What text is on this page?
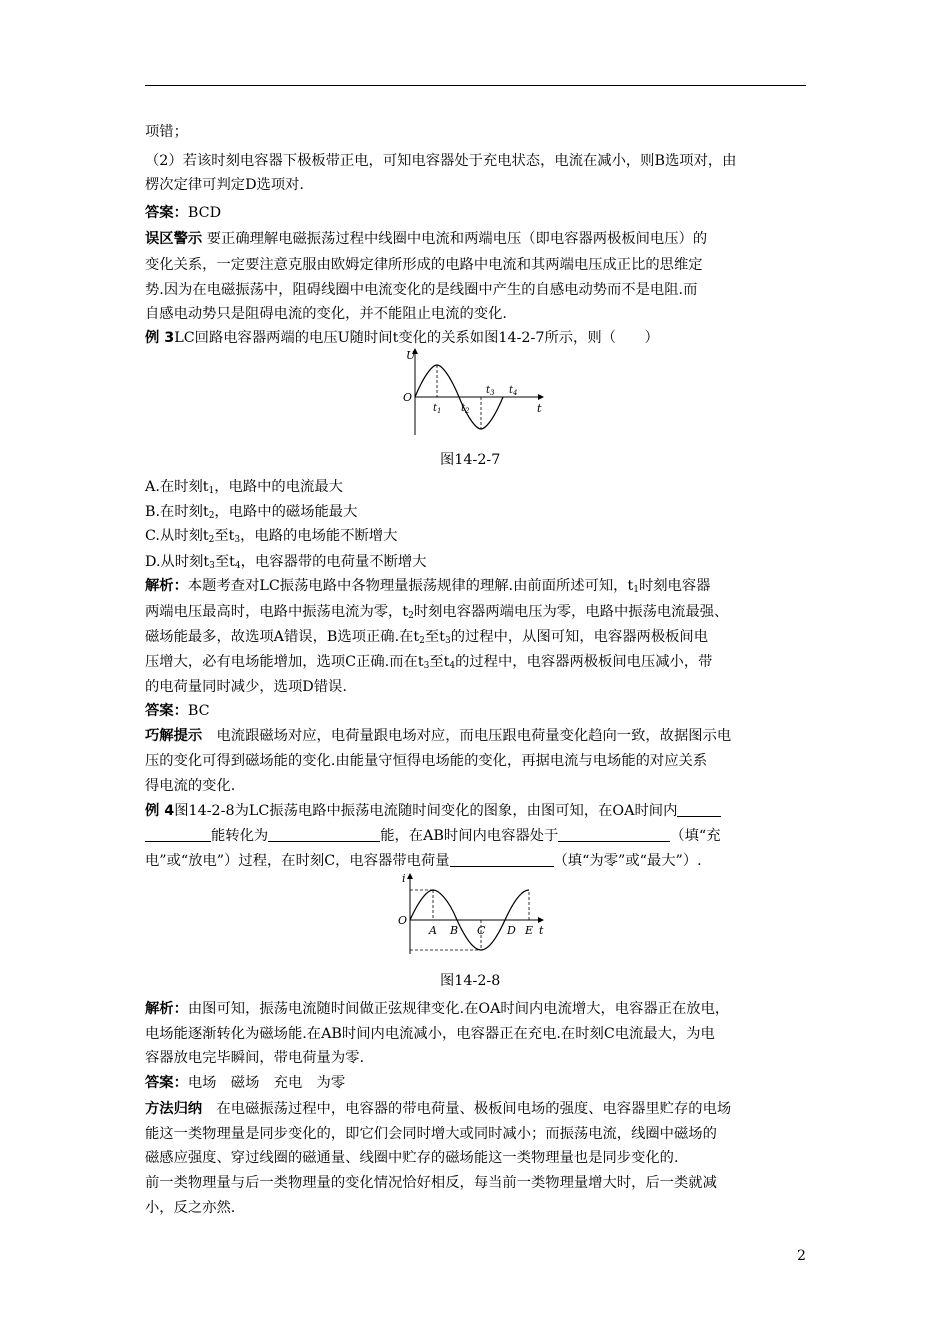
项错；
（2）若该时刻电容器下极板带正电，可知电容器处于充电状态，电流在减小，则B选项对，由
楞次定律可判定D选项对.
答案：BCD
误区警示 要正确理解电磁振荡过程中线圈中电流和两端电压（即电容器两极板间电压）的
变化关系，一定要注意克服由欧姆定律所形成的电路中电流和其两端电压成正比的思维定
势.因为在电磁振荡中，阻碍线圈中电流变化的是线圈中产生的自感电动势而不是电阻.而
自感电动势只是阻碍电流的变化，并不能阻止电流的变化.
例 3LC回路电容器两端的电压U随时间t变化的关系如图14-2-7所示，则（　　）
U
O
t
$t_1$ $t_2$
$t_3$ $t_4$
图14-2-7
A.在时刻$t_1$，电路中的电流最大
B.在时刻$t_2$，电路中的磁场能最大
C.从时刻$t_2$至$t_3$，电路的电场能不断增大
D.从时刻$t_3$至$t_4$，电容器带的电荷量不断增大
解析：本题考查对LC振荡电路中各物理量振荡规律的理解.由前面所述可知，$t_1$时刻电容器
两端电压最高时，电路中振荡电流为零，$t_2$时刻电容器两端电压为零，电路中振荡电流最强、
磁场能最多，故选项A错误，B选项正确.在$t_2$至$t_3$的过程中，从图可知，电容器两极板间电
压增大，必有电场能增加，选项C正确.而在$t_3$至$t_4$的过程中，电容器两极板间电压减小，带
的电荷量同时减少，选项D错误.
答案：BC
巧解提示　电流跟磁场对应，电荷量跟电场对应，而电压跟电荷量变化趋向一致，故据图示电
压的变化可得到磁场能的变化.由能量守恒得电场能的变化，再据电流与电场能的对应关系
得电流的变化.
例 4图14-2-8为LC振荡电路中振荡电流随时间变化的图象，由图可知，在OA时间内
能转化为	能，在AB时间内电容器处于	（填“充
电”或“放电”）过程，在时刻C，电容器带电荷量	（填“为零”或“最大”）.
i
O
t
A B C D E
图14-2-8
解析：由图可知，振荡电流随时间做正弦规律变化.在OA时间内电流增大，电容器正在放电，
电场能逐渐转化为磁场能.在AB时间内电流减小，电容器正在充电.在时刻C电流最大，为电
容器放电完毕瞬间，带电荷量为零.
答案：电场　磁场　充电　为零
方法归纳　在电磁振荡过程中，电容器的带电荷量、极板间电场的强度、电容器里贮存的电场
能这一类物理量是同步变化的，即它们会同时增大或同时减小；而振荡电流，线圈中磁场的
磁感应强度、穿过线圈的磁通量、线圈中贮存的磁场能这一类物理量也是同步变化的.
前一类物理量与后一类物理量的变化情况恰好相反，每当前一类物理量增大时，后一类就减
小，反之亦然.
2
